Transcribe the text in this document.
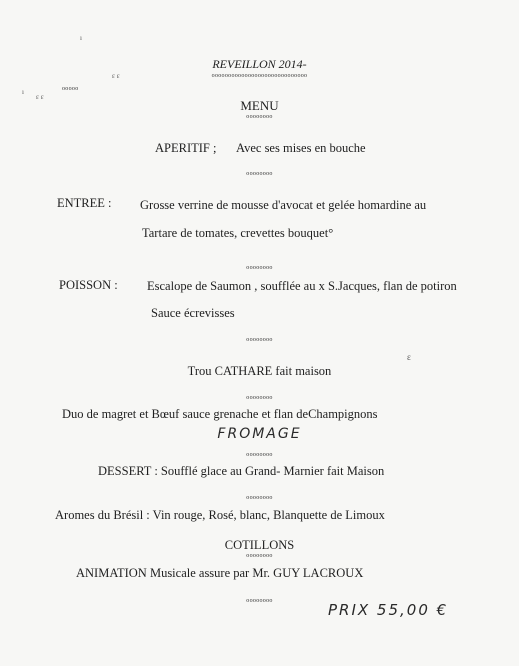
ı
ε ε
ı
ε ε
ɛ
ooooo
REVEILLON 2014-
ooooooooooooooooooooooooooooo
MENU
oooooooo
APERITIF ; Avec ses mises en bouche
oooooooo
ENTREE : Grosse verrine de mousse d'avocat et gelée homardine au
Tartare de tomates, crevettes bouquet°
oooooooo
POISSON : Escalope de Saumon , soufflée au x S.Jacques, flan de potiron
Sauce écrevisses
oooooooo
Trou CATHARE fait maison
oooooooo
Duo de magret et Bœuf sauce grenache et flan deChampignons
FROMAGE
oooooooo
DESSERT : Soufflé glace au Grand- Marnier fait Maison
oooooooo
Aromes du Brésil : Vin rouge, Rosé, blanc, Blanquette de Limoux
COTILLONS
oooooooo
ANIMATION Musicale assure par Mr. GUY LACROUX
oooooooo	PRIX 55,00 €
